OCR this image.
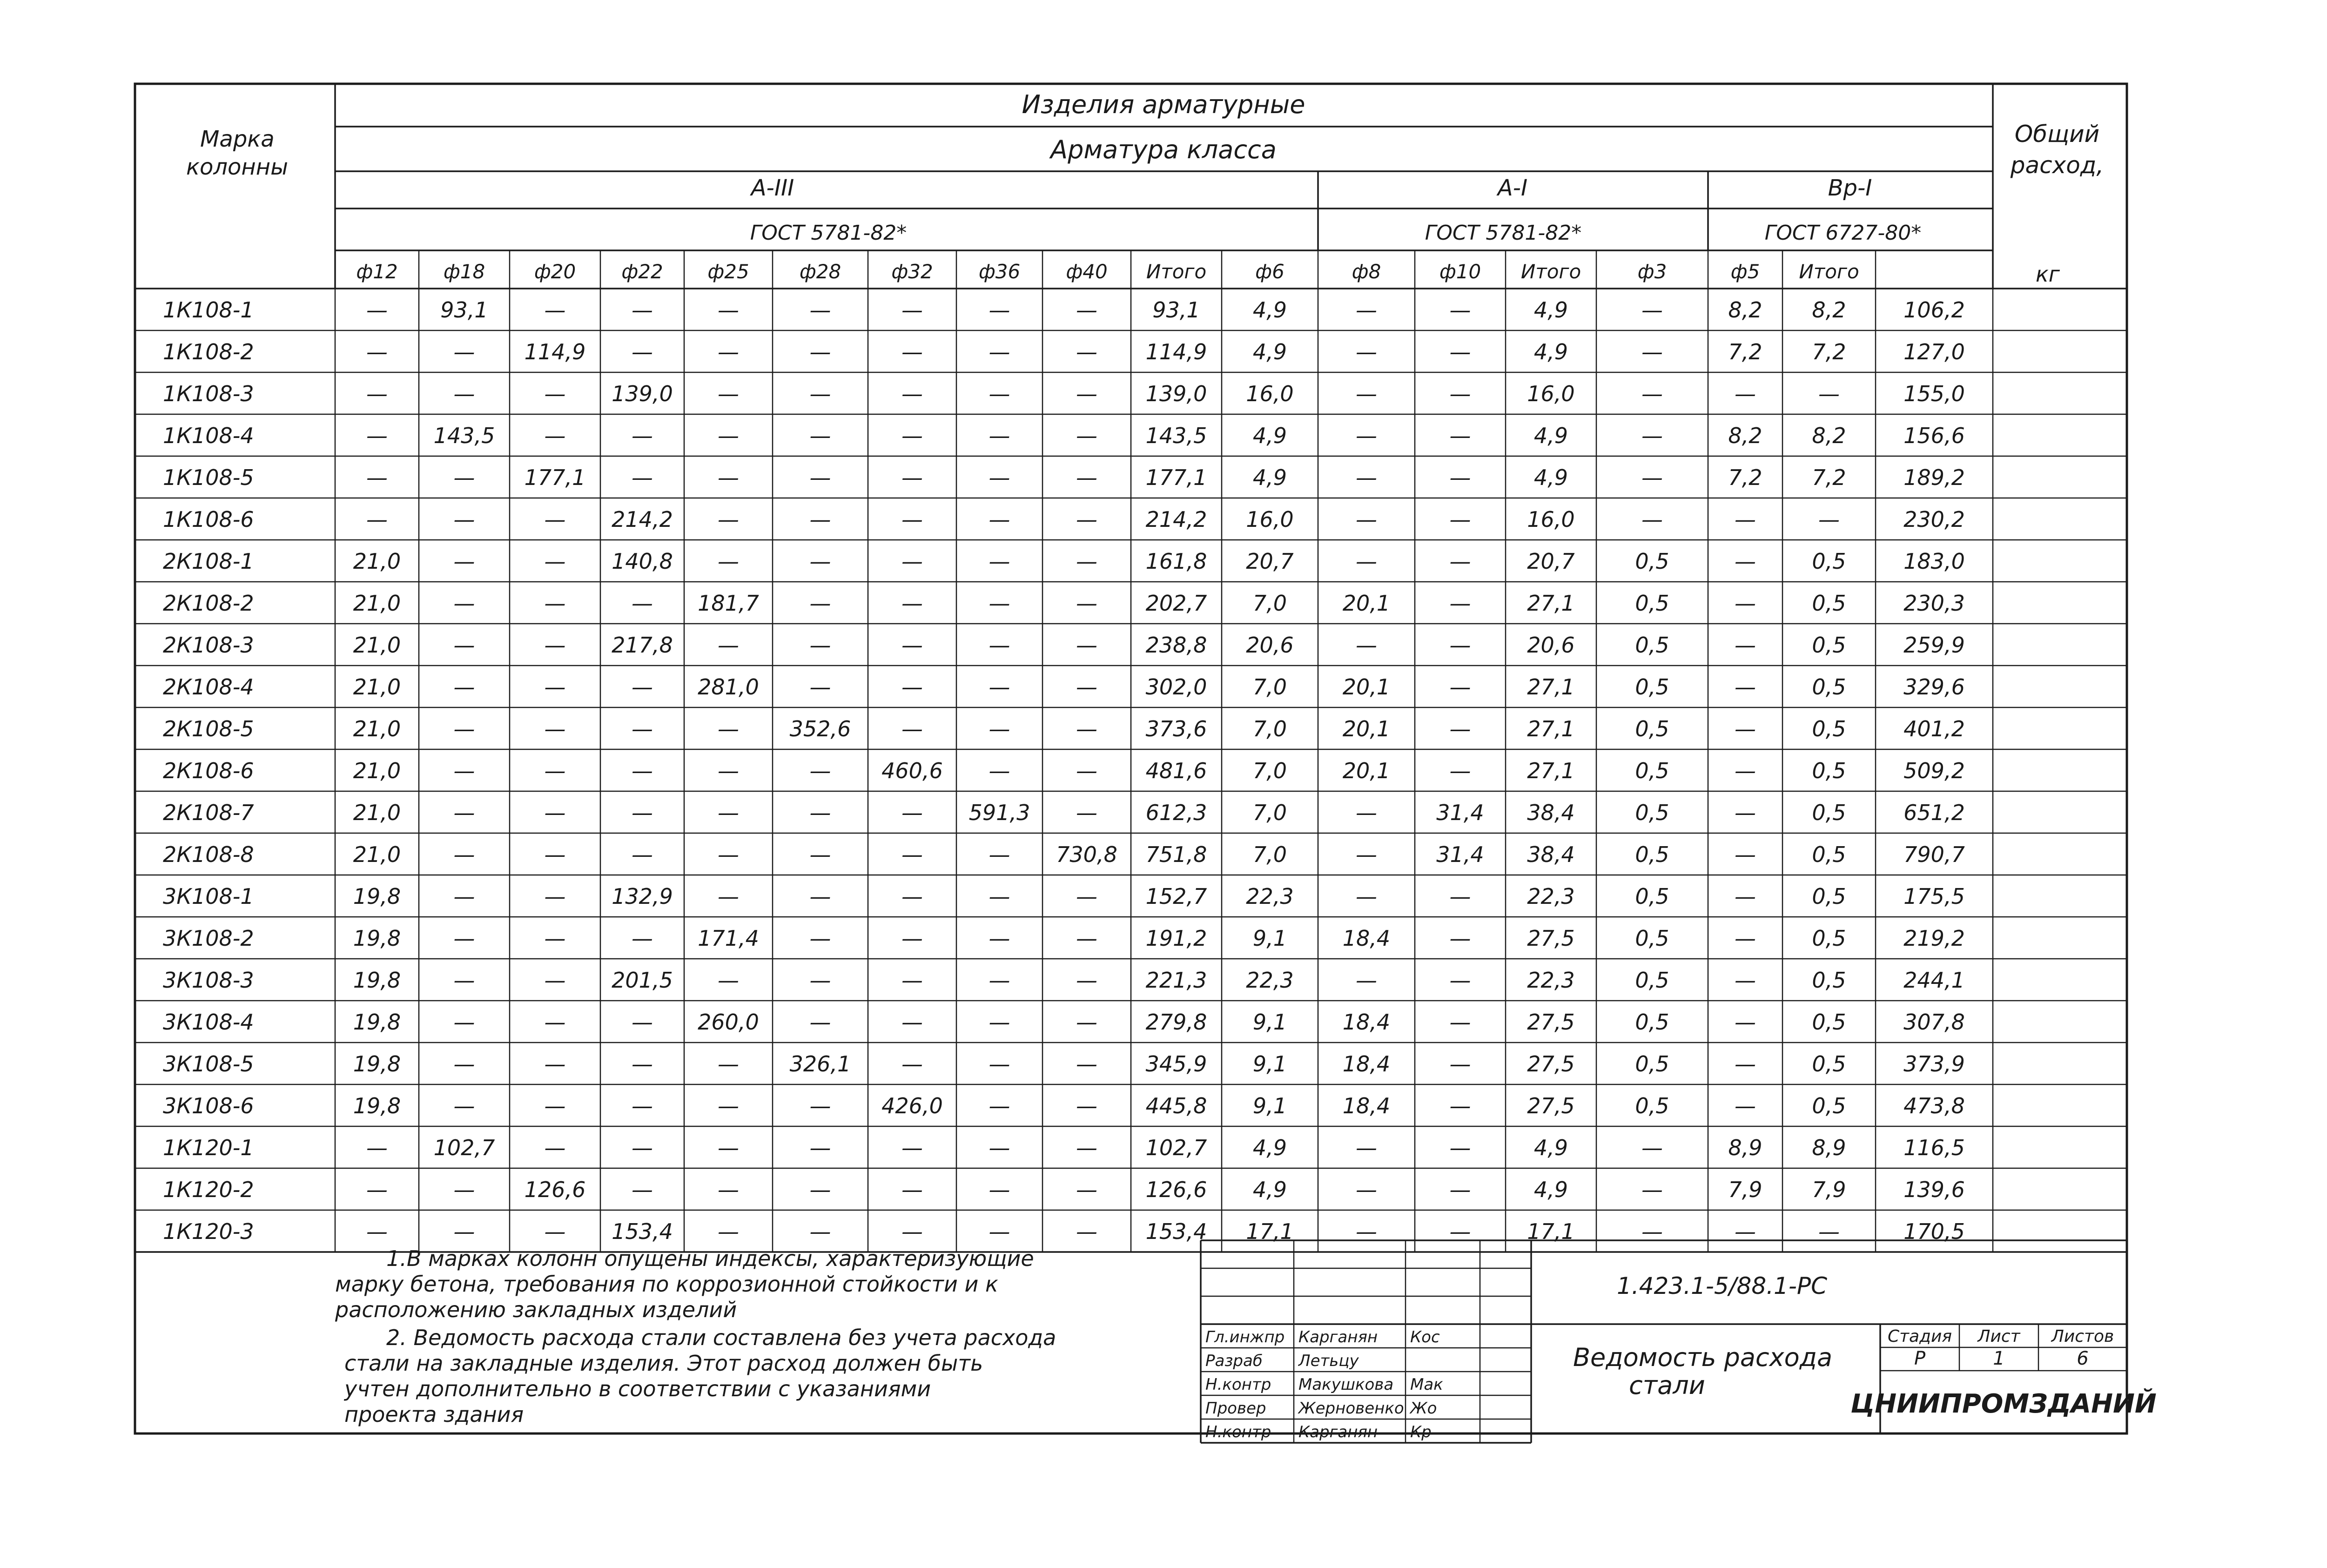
Марка
колонны
Изделия арматурные
Арматура класса
Общий
расход,
кг
A-III	A-I	Вр-I
ГОСТ 5781-82*	ГОСТ 5781-82*	ГОСТ 6727-80*
ф12 ф18	ф20 ф22 ф25	ф28	ф32 ф36 ф40 Итого	ф6	ф8	ф10 Итого	ф3	ф5 Итого
1К108-1	— 93,1	—	—	—	—	—	—	—	93,1 4,9	—	—	4,9	—	8,2 8,2	106,2
1К108-2	—	— 114,9 —	—	—	—	—	— 114,9 4,9	—	—	4,9	—	7,2 7,2	127,0
1К108-3	—	—	— 139,0 —	—	—	—	— 139,0 16,0	—	—	16,0	—	—	—	155,0
1К108-4	— 143,5 —	—	—	—	—	—	— 143,5 4,9	—	—	4,9	—	8,2 8,2	156,6
1К108-5	—	— 177,1 —	—	—	—	—	— 177,1 4,9	—	—	4,9	—	7,2 7,2	189,2
1К108-6	—	—	— 214,2 —	—	—	—	— 214,2 16,0	—	—	16,0	—	—	—	230,2
2К108-1	21,0 —	— 140,8 —	—	—	—	— 161,8 20,7	—	—	20,7	0,5	—	0,5	183,0
2К108-2	21,0 —	—	— 181,7 —	—	—	— 202,7 7,0	20,1	—	27,1	0,5	—	0,5	230,3
2К108-3	21,0 —	— 217,8 —	—	—	—	— 238,8 20,6	—	—	20,6	0,5	—	0,5	259,9
2К108-4	21,0 —	—	— 281,0 —	—	—	— 302,0 7,0	20,1	—	27,1	0,5	—	0,5	329,6
2К108-5	21,0 —	—	—	— 352,6 —	—	— 373,6 7,0	20,1	—	27,1	0,5	—	0,5	401,2
2К108-6	21,0 —	—	—	—	— 460,6 —	— 481,6 7,0	20,1	—	27,1	0,5	—	0,5	509,2
2К108-7	21,0 —	—	—	—	—	— 591,3 — 612,3 7,0	—	31,4 38,4	0,5	—	0,5	651,2
2К108-8	21,0 —	—	—	—	—	—	— 730,8 751,8 7,0	—	31,4 38,4	0,5	—	0,5	790,7
3К108-1	19,8 —	— 132,9 —	—	—	—	— 152,7 22,3	—	—	22,3	0,5	—	0,5	175,5
3К108-2	19,8 —	—	— 171,4 —	—	—	— 191,2 9,1	18,4	—	27,5	0,5	—	0,5	219,2
3К108-3	19,8 —	— 201,5 —	—	—	—	— 221,3 22,3	—	—	22,3	0,5	—	0,5	244,1
3К108-4	19,8 —	—	— 260,0 —	—	—	— 279,8 9,1	18,4	—	27,5	0,5	—	0,5	307,8
3К108-5	19,8 —	—	—	— 326,1 —	—	— 345,9 9,1	18,4	—	27,5	0,5	—	0,5	373,9
3К108-6	19,8 —	—	—	—	— 426,0 —	— 445,8 9,1	18,4	—	27,5	0,5	—	0,5	473,8
1К120-1	— 102,7 —	—	—	—	—	—	— 102,7 4,9	—	—	4,9	—	8,9 8,9	116,5
1К120-2	—	— 126,6 —	—	—	—	—	— 126,6 4,9	—	—	4,9	—	7,9 7,9	139,6
1К120-3	—	—	— 153,4 —	—	—	—	— 153,4 17,1	—	—	17,1	—	—	—	170,5
1.В марках колонн опущены индексы, характеризующие
марку бетона, требования по коррозионной стойкости и к
расположению закладных изделий
2. Ведомость расхода стали составлена без учета расхода
стали на закладные изделия. Этот расход должен быть
учтен дополнительно в соответствии с указаниями
проекта здания
1.423.1-5/88.1-РС
Ведомость расхода
стали
Стадия Лист Листов
Р	1	6
ЦНИИПРОМЗДАНИЙ
Гл.инжпр Карганян Кос
Разраб Летьцу
Н.контр Макушкова Мак
Провер Жерновенко Жо
Н.контр Карганян Кр
